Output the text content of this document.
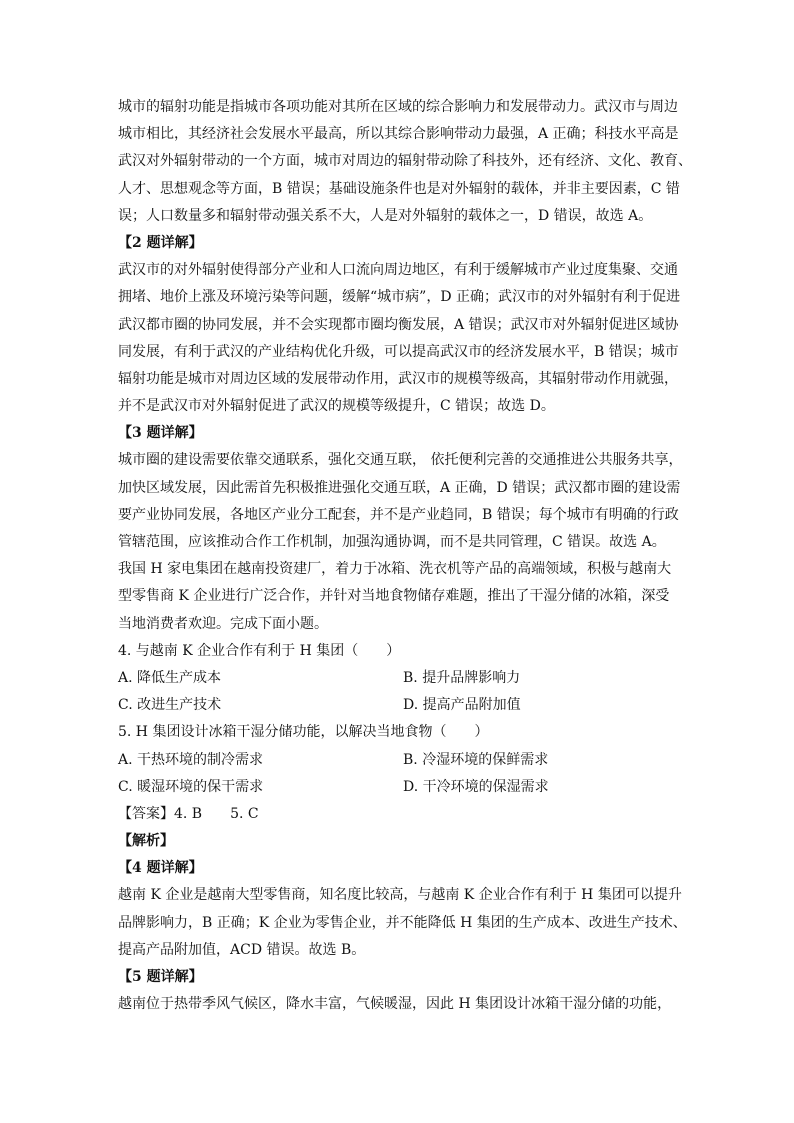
城市的辐射功能是指城市各项功能对其所在区域的综合影响力和发展带动力。武汉市与周边
城市相比，其经济社会发展水平最高，所以其综合影响带动力最强，A 正确；科技水平高是
武汉对外辐射带动的一个方面，城市对周边的辐射带动除了科技外，还有经济、文化、教育、
人才、思想观念等方面，B 错误；基础设施条件也是对外辐射的载体，并非主要因素，C 错
误；人口数量多和辐射带动强关系不大，人是对外辐射的载体之一，D 错误，故选 A。
【2 题详解】
武汉市的对外辐射使得部分产业和人口流向周边地区，有利于缓解城市产业过度集聚、交通
拥堵、地价上涨及环境污染等问题，缓解“城市病”，D 正确；武汉市的对外辐射有利于促进
武汉都市圈的协同发展，并不会实现都市圈均衡发展，A 错误；武汉市对外辐射促进区域协
同发展，有利于武汉的产业结构优化升级，可以提高武汉市的经济发展水平，B 错误；城市
辐射功能是城市对周边区域的发展带动作用，武汉市的规模等级高，其辐射带动作用就强，
并不是武汉市对外辐射促进了武汉的规模等级提升，C 错误；故选 D。
【3 题详解】
城市圈的建设需要依靠交通联系，强化交通互联， 依托便利完善的交通推进公共服务共享，
加快区域发展，因此需首先积极推进强化交通互联，A 正确，D 错误；武汉都市圈的建设需
要产业协同发展，各地区产业分工配套，并不是产业趋同，B 错误；每个城市有明确的行政
管辖范围，应该推动合作工作机制，加强沟通协调，而不是共同管理，C 错误。故选 A。
我国 H 家电集团在越南投资建厂，着力于冰箱、洗衣机等产品的高端领域，积极与越南大
型零售商 K 企业进行广泛合作，并针对当地食物储存难题，推出了干湿分储的冰箱，深受
当地消费者欢迎。完成下面小题。
4. 与越南 K 企业合作有利于 H 集团（　　）
A. 降低生产成本	B. 提升品牌影响力
C. 改进生产技术	D. 提高产品附加值
5. H 集团设计冰箱干湿分储功能，以解决当地食物（　　）
A. 干热环境的制冷需求	B. 冷湿环境的保鲜需求
C. 暖湿环境的保干需求	D. 干冷环境的保湿需求
【答案】4. B 5. C
【解析】
【4 题详解】
越南 K 企业是越南大型零售商，知名度比较高，与越南 K 企业合作有利于 H 集团可以提升
品牌影响力，B 正确；K 企业为零售企业，并不能降低 H 集团的生产成本、改进生产技术、
提高产品附加值，ACD 错误。故选 B。
【5 题详解】
越南位于热带季风气候区，降水丰富，气候暖湿，因此 H 集团设计冰箱干湿分储的功能，
